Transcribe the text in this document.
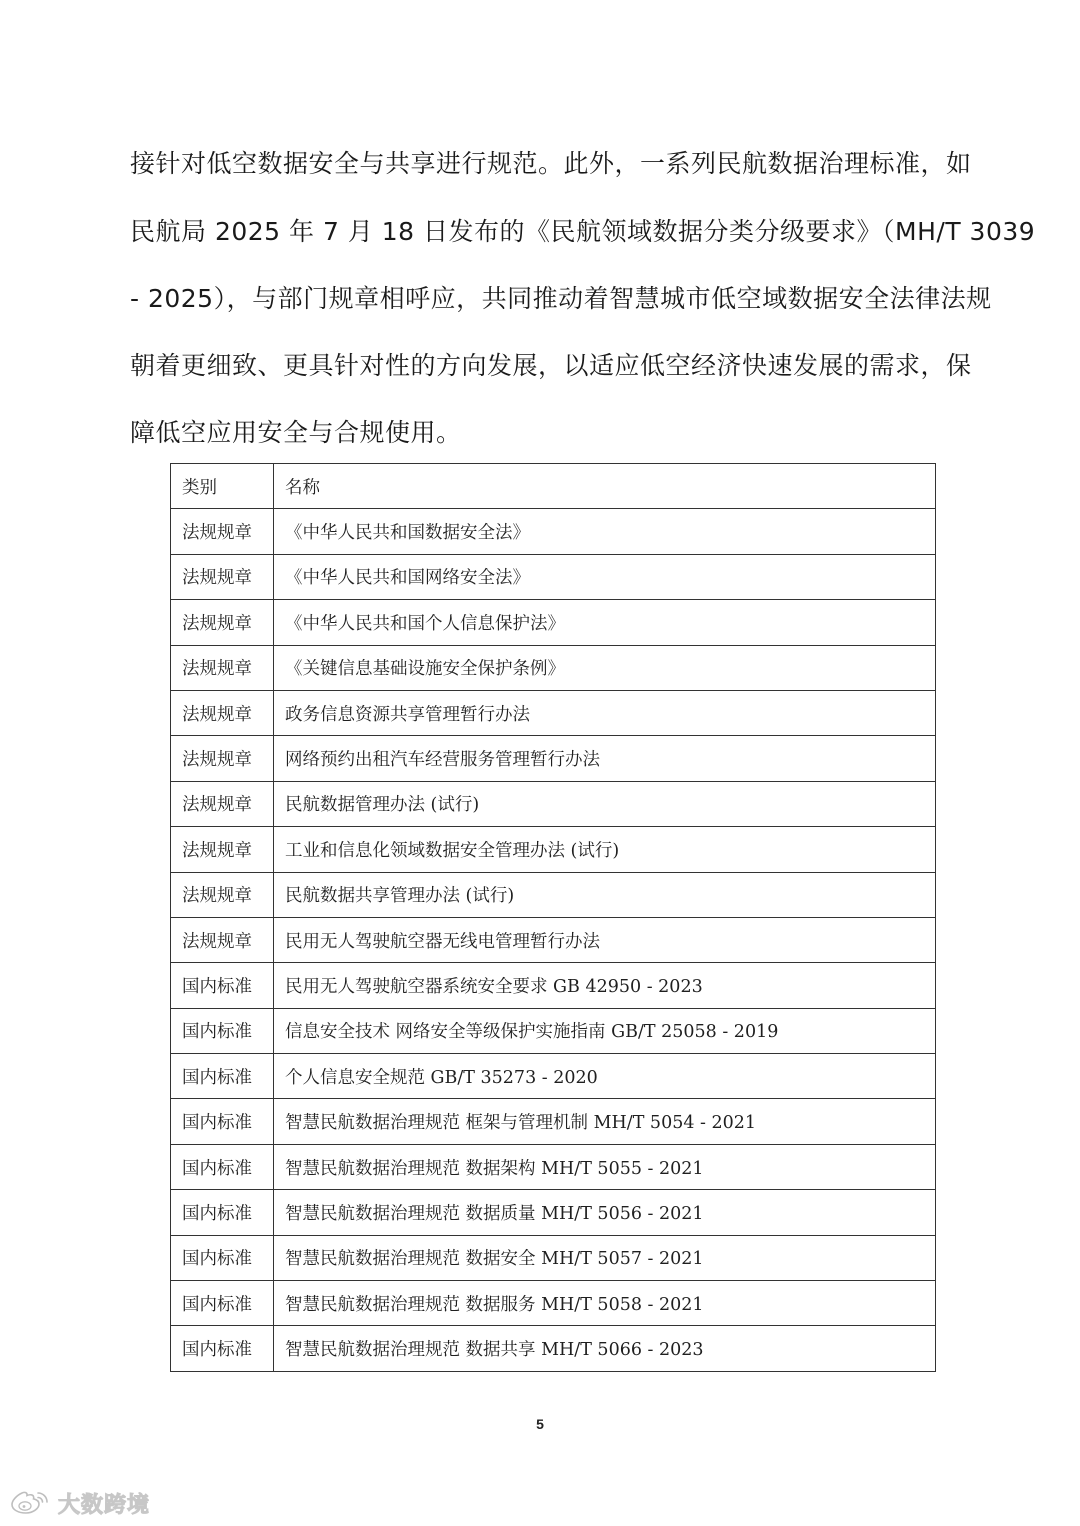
接针对低空数据安全与共享进行规范。此外，一系列民航数据治理标准，如
民航局 2025 年 7 月 18 日发布的《民航领域数据分类分级要求》（MH/T 3039
- 2025），与部门规章相呼应，共同推动着智慧城市低空域数据安全法律法规
朝着更细致、更具针对性的方向发展，以适应低空经济快速发展的需求，保
障低空应用安全与合规使用。
类别	名称
法规规章	《中华人民共和国数据安全法》
法规规章	《中华人民共和国网络安全法》
法规规章	《中华人民共和国个人信息保护法》
法规规章	《关键信息基础设施安全保护条例》
法规规章	政务信息资源共享管理暂行办法
法规规章	网络预约出租汽车经营服务管理暂行办法
法规规章	民航数据管理办法 (试行)
法规规章	工业和信息化领域数据安全管理办法 (试行)
法规规章	民航数据共享管理办法 (试行)
法规规章	民用无人驾驶航空器无线电管理暂行办法
国内标准	民用无人驾驶航空器系统安全要求 GB 42950 - 2023
国内标准	信息安全技术 网络安全等级保护实施指南 GB/T 25058 - 2019
国内标准	个人信息安全规范 GB/T 35273 - 2020
国内标准	智慧民航数据治理规范 框架与管理机制 MH/T 5054 - 2021
国内标准	智慧民航数据治理规范 数据架构 MH/T 5055 - 2021
国内标准	智慧民航数据治理规范 数据质量 MH/T 5056 - 2021
国内标准	智慧民航数据治理规范 数据安全 MH/T 5057 - 2021
国内标准	智慧民航数据治理规范 数据服务 MH/T 5058 - 2021
国内标准	智慧民航数据治理规范 数据共享 MH/T 5066 - 2023
5
大数跨境
